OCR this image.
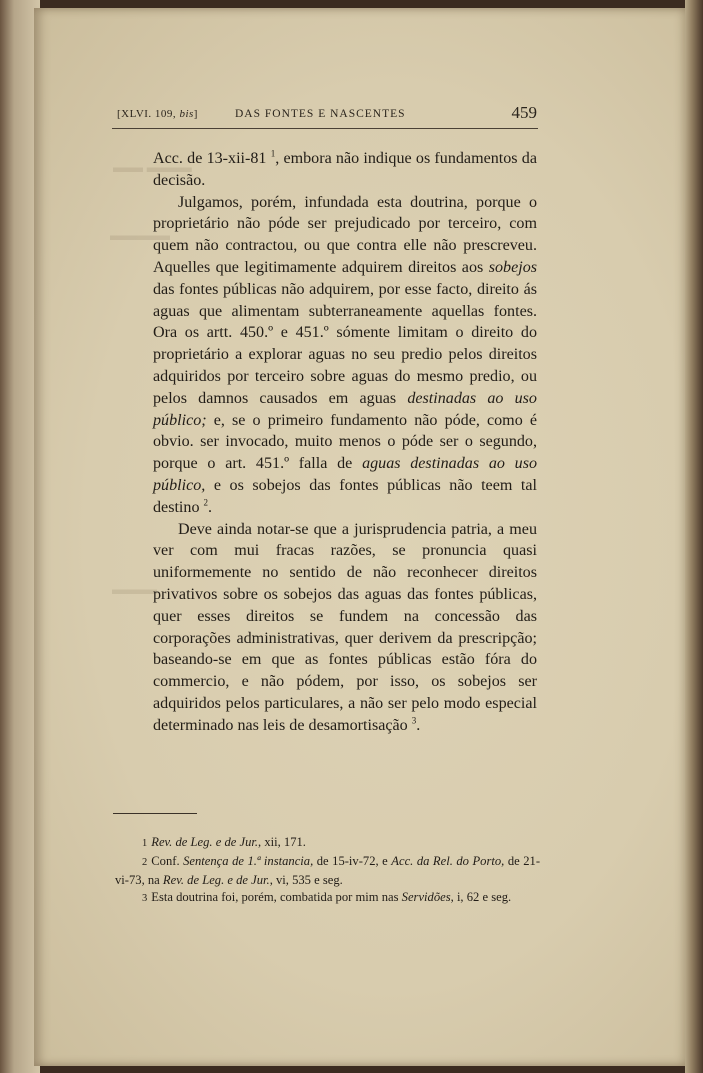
▬▬ ▬▬▬
▬▬▬▬
▬▬▬
[XLVI. 109, bis]	DAS FONTES E NASCENTES	459

Acc. de 13-xii-81 $^1$, embora não indique os fundamentos da decisão.

Julgamos, porém, infundada esta doutrina, porque o proprietário não póde ser prejudicado por terceiro, com quem não contractou, ou que contra elle não prescreveu. Aquelles que legitimamente adquirem direitos aos sobejos das fontes públicas não adquirem, por esse facto, direito ás aguas que alimentam subterraneamente aquellas fontes. Ora os artt. 450.º e 451.º sómente limitam o direito do proprietário a explorar aguas no seu predio pelos direitos adquiridos por terceiro sobre aguas do mesmo predio, ou pelos damnos causados em aguas destinadas ao uso público; e, se o primeiro fundamento não póde, como é obvio. ser invocado, muito menos o póde ser o segundo, porque o art. 451.º falla de aguas destinadas ao uso público, e os sobejos das fontes públicas não teem tal destino $^2$.

Deve ainda notar-se que a jurisprudencia patria, a meu ver com mui fracas razões, se pronuncia quasi uniformemente no sentido de não reconhecer direitos privativos sobre os sobejos das aguas das fontes públicas, quer esses direitos se fundem na concessão das corporações administrativas, quer derivem da prescripção; baseando-se em que as fontes públicas estão fóra do commercio, e não pódem, por isso, os sobejos ser adquiridos pelos particulares, a não ser pelo modo especial determinado nas leis de desamortisação $^3$.

1 Rev. de Leg. e de Jur., xii, 171.

2 Conf. Sentença de 1.ª instancia, de 15-iv-72, e Acc. da Rel. do Porto, de 21-vi-73, na Rev. de Leg. e de Jur., vi, 535 e seg.

3 Esta doutrina foi, porém, combatida por mim nas Servidões, i, 62 e seg.
